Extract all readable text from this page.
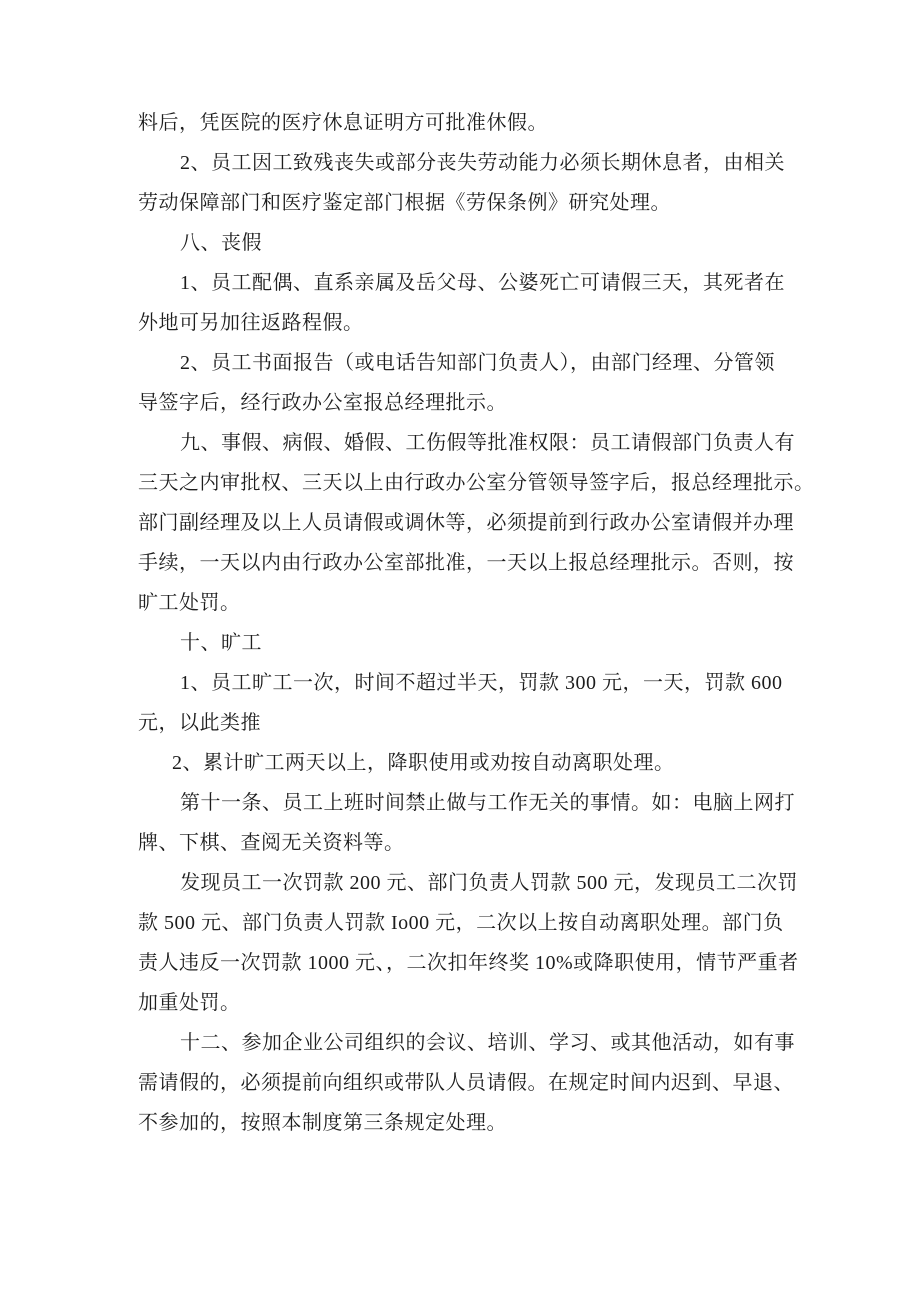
料后，凭医院的医疗休息证明方可批准休假。
2、员工因工致残丧失或部分丧失劳动能力必须长期休息者，由相关
劳动保障部门和医疗鉴定部门根据《劳保条例》研究处理。
八、丧假
1、员工配偶、直系亲属及岳父母、公婆死亡可请假三天，其死者在
外地可另加往返路程假。
2、员工书面报告（或电话告知部门负责人），由部门经理、分管领
导签字后，经行政办公室报总经理批示。
九、事假、病假、婚假、工伤假等批准权限：员工请假部门负责人有
三天之内审批权、三天以上由行政办公室分管领导签字后，报总经理批示。
部门副经理及以上人员请假或调休等，必须提前到行政办公室请假并办理
手续，一天以内由行政办公室部批准，一天以上报总经理批示。否则，按
旷工处罚。
十、旷工
1、员工旷工一次，时间不超过半天，罚款 300 元，一天，罚款 600
元，以此类推
2、累计旷工两天以上，降职使用或劝按自动离职处理。
第十一条、员工上班时间禁止做与工作无关的事情。如：电脑上网打
牌、下棋、查阅无关资料等。
发现员工一次罚款 200 元、部门负责人罚款 500 元，发现员工二次罚
款 500 元、部门负责人罚款 Io00 元，二次以上按自动离职处理。部门负
责人违反一次罚款 1000 元、，二次扣年终奖 10%或降职使用，情节严重者
加重处罚。
十二、参加企业公司组织的会议、培训、学习、或其他活动，如有事
需请假的，必须提前向组织或带队人员请假。在规定时间内迟到、早退、
不参加的，按照本制度第三条规定处理。
